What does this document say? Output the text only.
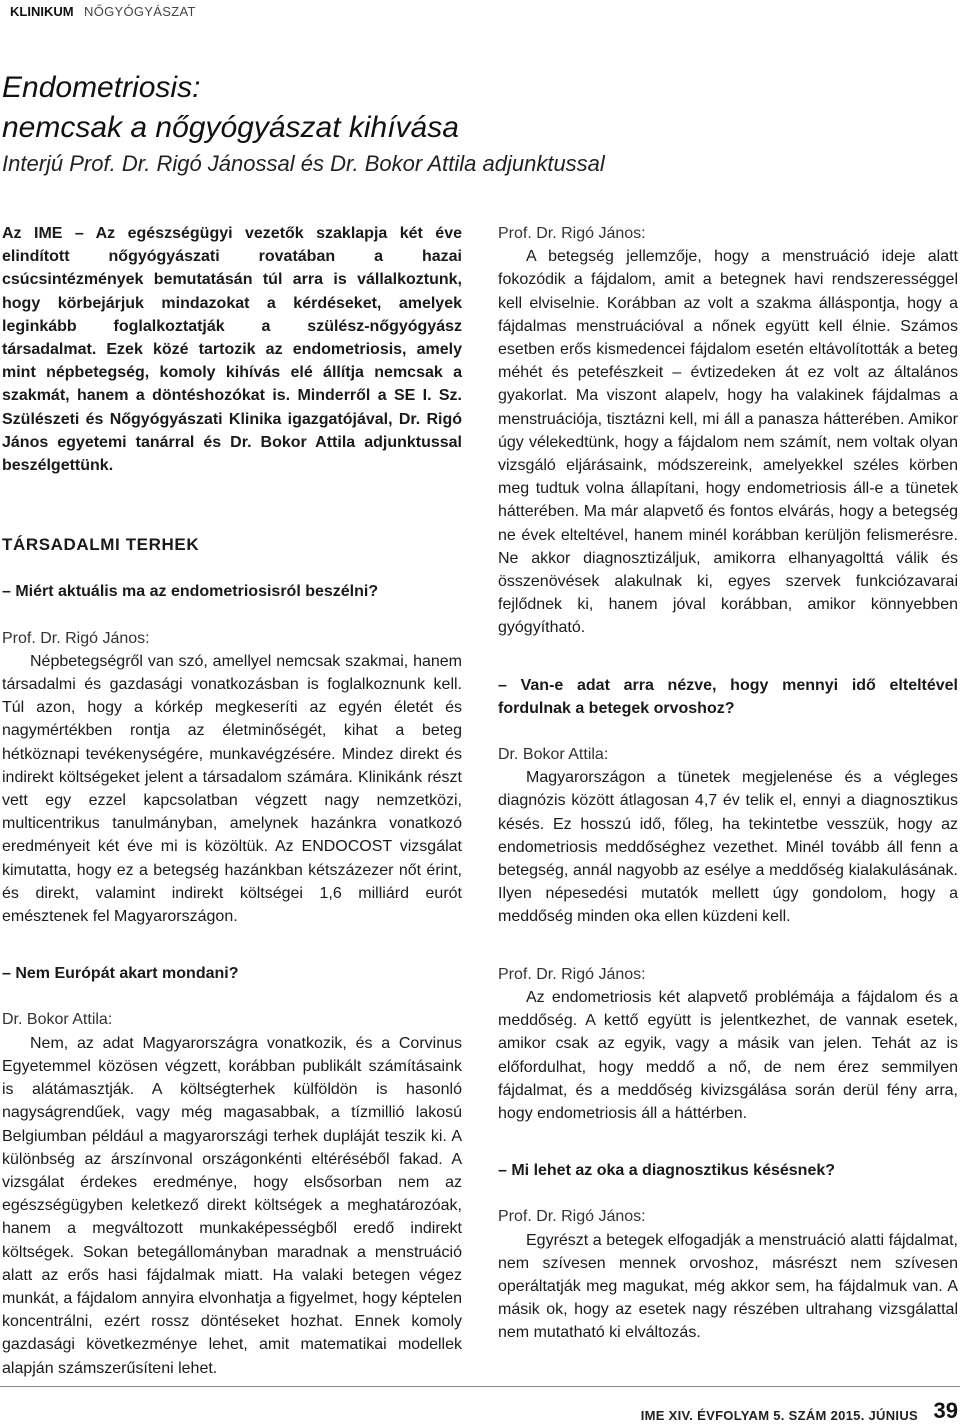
KLINIKUM NŐGYÓGYÁSZAT
Endometriosis:
nemcsak a nőgyógyászat kihívása
Interjú Prof. Dr. Rigó Jánossal és Dr. Bokor Attila adjunktussal

Az IME – Az egészségügyi vezetők szaklapja két éve elindított nőgyógyászati rovatában a hazai csúcsintézmények bemutatásán túl arra is vállalkoztunk, hogy körbejárjuk mindazokat a kérdéseket, amelyek leginkább foglalkoztatják a szülész-nőgyógyász társadalmat. Ezek közé tartozik az endometriosis, amely mint népbetegség, komoly kihívás elé állítja nemcsak a szakmát, hanem a döntéshozókat is. Minderről a SE I. Sz. Szülészeti és Nőgyógyászati Klinika igazgatójával, Dr. Rigó János egyetemi tanárral és Dr. Bokor Attila adjunktussal beszélgettünk.

TÁRSADALMI TERHEK

– Miért aktuális ma az endometriosisról beszélni?

Prof. Dr. Rigó János:

Népbetegségről van szó, amellyel nemcsak szakmai, hanem társadalmi és gazdasági vonatkozásban is foglalkoznunk kell. Túl azon, hogy a kórkép megkeseríti az egyén életét és nagymértékben rontja az életminőségét, kihat a beteg hétköznapi tevékenységére, munkavégzésére. Mindez direkt és indirekt költségeket jelent a társadalom számára. Klinikánk részt vett egy ezzel kapcsolatban végzett nagy nemzetközi, multicentrikus tanulmányban, amelynek hazánkra vonatkozó eredményeit két éve mi is közöltük. Az ENDOCOST vizsgálat kimutatta, hogy ez a betegség hazánkban kétszázezer nőt érint, és direkt, valamint indirekt költségei 1,6 milliárd eurót emésztenek fel Magyarországon.

– Nem Európát akart mondani?

Dr. Bokor Attila:

Nem, az adat Magyarországra vonatkozik, és a Corvinus Egyetemmel közösen végzett, korábban publikált számításaink is alátámasztják. A költségterhek külföldön is hasonló nagyságrendűek, vagy még magasabbak, a tízmillió lakosú Belgiumban például a magyarországi terhek dupláját teszik ki. A különbség az árszínvonal országonkénti eltéréséből fakad. A vizsgálat érdekes eredménye, hogy elsősorban nem az egészségügyben keletkező direkt költségek a meghatározóak, hanem a megváltozott munkaképességből eredő indirekt költségek. Sokan betegállományban maradnak a menstruáció alatt az erős hasi fájdalmak miatt. Ha valaki betegen végez munkát, a fájdalom annyira elvonhatja a figyelmet, hogy képtelen koncentrálni, ezért rossz döntéseket hozhat. Ennek komoly gazdasági következménye lehet, amit matematikai modellek alapján számszerűsíteni lehet.

Prof. Dr. Rigó János:

A betegség jellemzője, hogy a menstruáció ideje alatt fokozódik a fájdalom, amit a betegnek havi rendszerességgel kell elviselnie. Korábban az volt a szakma álláspontja, hogy a fájdalmas menstruációval a nőnek együtt kell élnie. Számos esetben erős kismedencei fájdalom esetén eltávolították a beteg méhét és petefészkeit – évtizedeken át ez volt az általános gyakorlat. Ma viszont alapelv, hogy ha valakinek fájdalmas a menstruációja, tisztázni kell, mi áll a panasza hátterében. Amikor úgy vélekedtünk, hogy a fájdalom nem számít, nem voltak olyan vizsgáló eljárásaink, módszereink, amelyekkel széles körben meg tudtuk volna állapítani, hogy endometriosis áll-e a tünetek hátterében. Ma már alapvető és fontos elvárás, hogy a betegség ne évek elteltével, hanem minél korábban kerüljön felismerésre. Ne akkor diagnosztizáljuk, amikorra elhanyagolttá válik és összenövések alakulnak ki, egyes szervek funkciózavarai fejlődnek ki, hanem jóval korábban, amikor könnyebben gyógyítható.

– Van-e adat arra nézve, hogy mennyi idő elteltével fordulnak a betegek orvoshoz?

Dr. Bokor Attila:

Magyarországon a tünetek megjelenése és a végleges diagnózis között átlagosan 4,7 év telik el, ennyi a diagnosztikus késés. Ez hosszú idő, főleg, ha tekintetbe vesszük, hogy az endometriosis meddőséghez vezethet. Minél tovább áll fenn a betegség, annál nagyobb az esélye a meddőség kialakulásának. Ilyen népesedési mutatók mellett úgy gondolom, hogy a meddőség minden oka ellen küzdeni kell.

Prof. Dr. Rigó János:

Az endometriosis két alapvető problémája a fájdalom és a meddőség. A kettő együtt is jelentkezhet, de vannak esetek, amikor csak az egyik, vagy a másik van jelen. Tehát az is előfordulhat, hogy meddő a nő, de nem érez semmilyen fájdalmat, és a meddőség kivizsgálása során derül fény arra, hogy endometriosis áll a háttérben.

– Mi lehet az oka a diagnosztikus késésnek?

Prof. Dr. Rigó János:

Egyrészt a betegek elfogadják a menstruáció alatti fájdalmat, nem szívesen mennek orvoshoz, másrészt nem szívesen operáltatják meg magukat, még akkor sem, ha fájdalmuk van. A másik ok, hogy az esetek nagy részében ultrahang vizsgálattal nem mutatható ki elváltozás.

IME XIV. ÉVFOLYAM 5. SZÁM 2015. JÚNIUS 39
